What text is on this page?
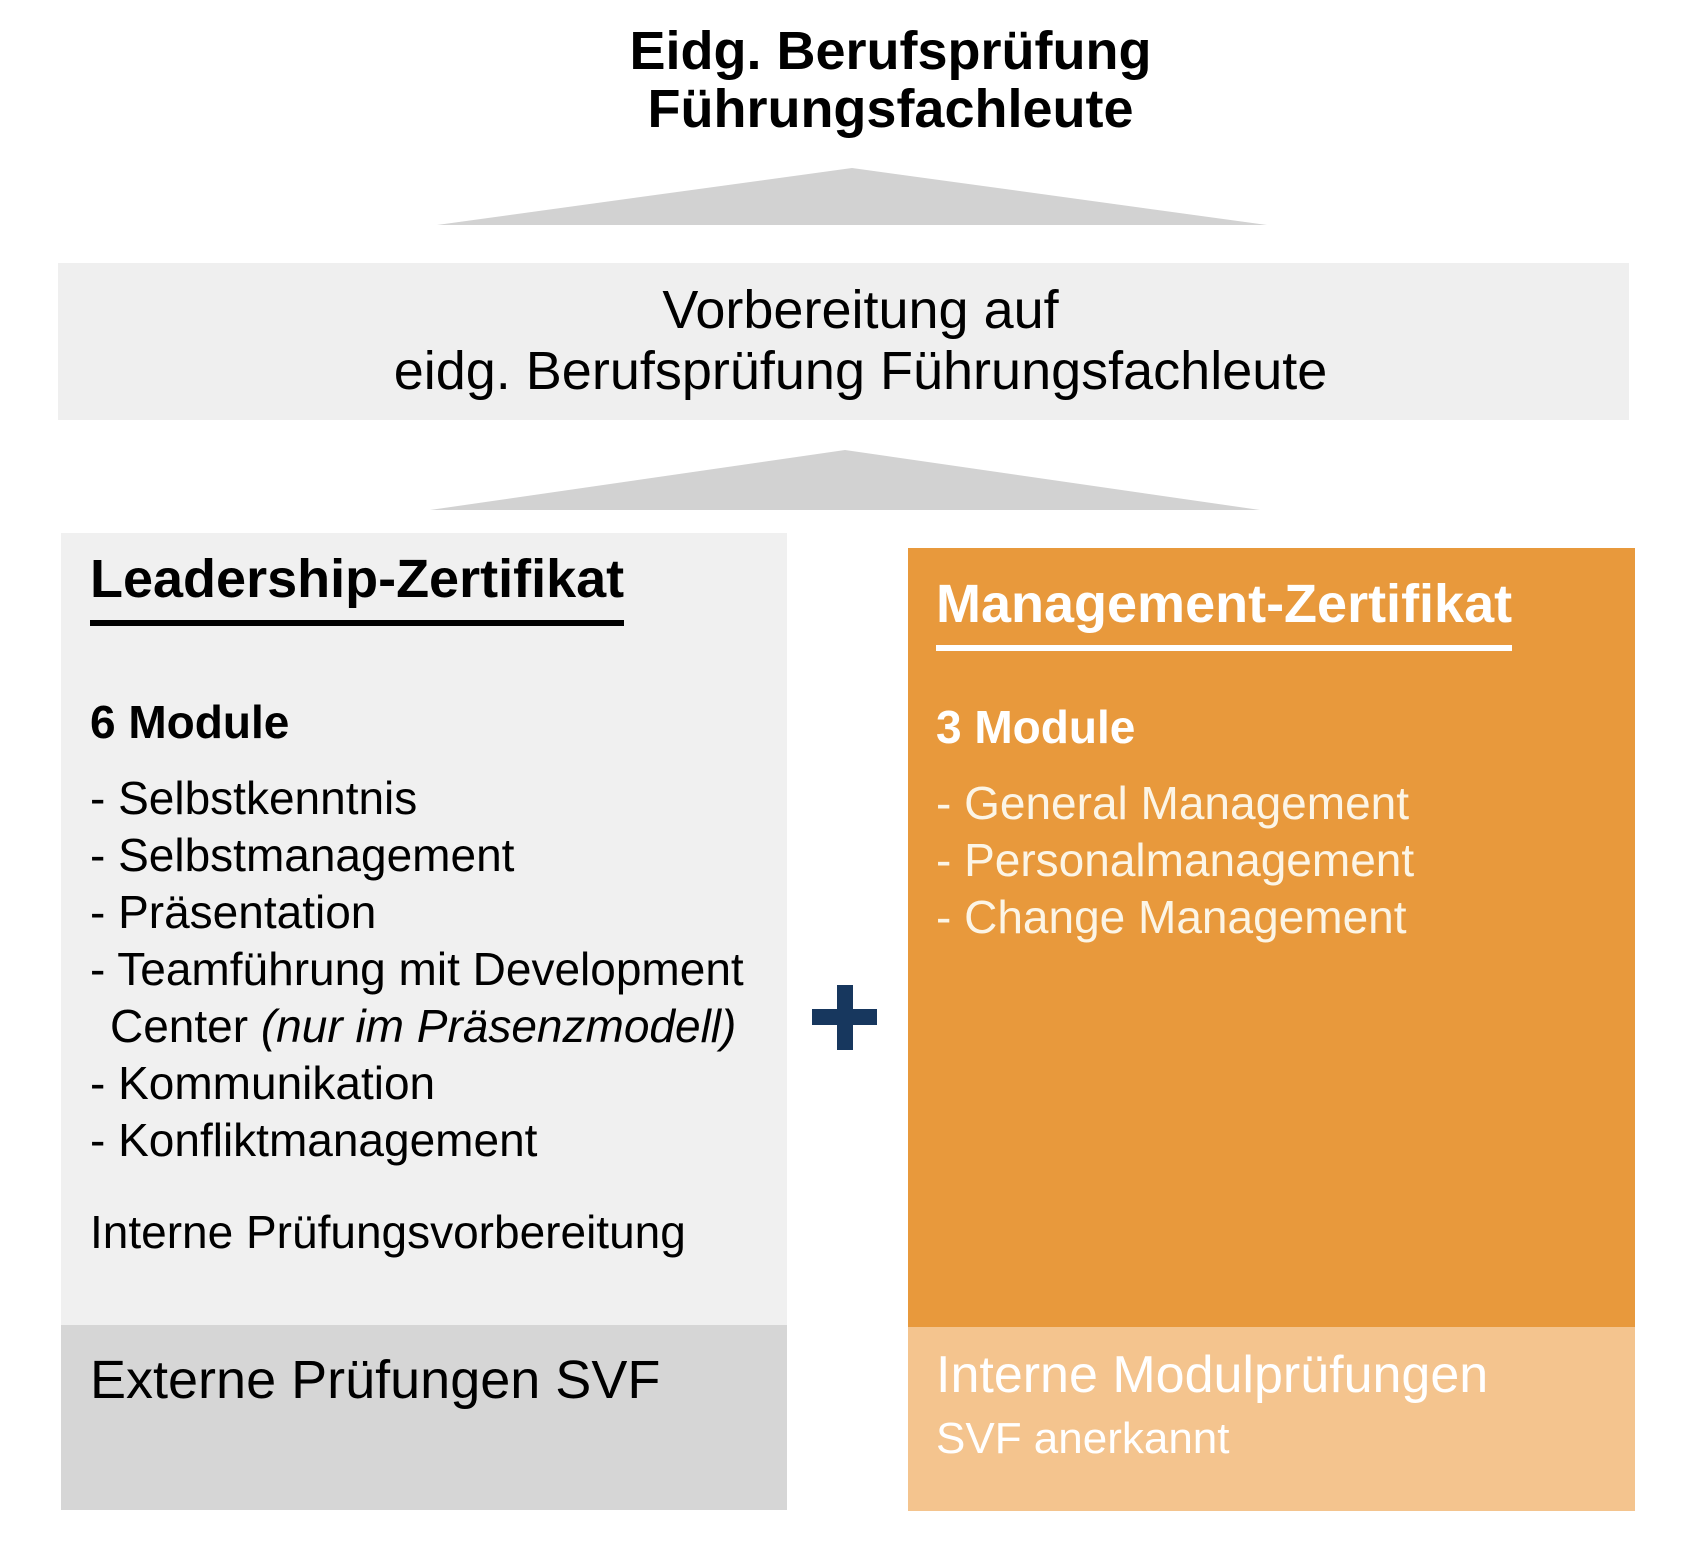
Eidg. Berufsprüfung
Führungsfachleute
Vorbereitung auf
eidg. Berufsprüfung Führungsfachleute
Leadership-Zertifikat
6 Module
- Selbstkenntnis
- Selbstmanagement
- Präsentation
- Teamführung mit Development
Center (nur im Präsenzmodell)
- Kommunikation
- Konfliktmanagement
Interne Prüfungsvorbereitung
Externe Prüfungen SVF
Management-Zertifikat
3 Module
- General Management
- Personalmanagement
- Change Management
Interne Modulprüfungen
SVF anerkannt
